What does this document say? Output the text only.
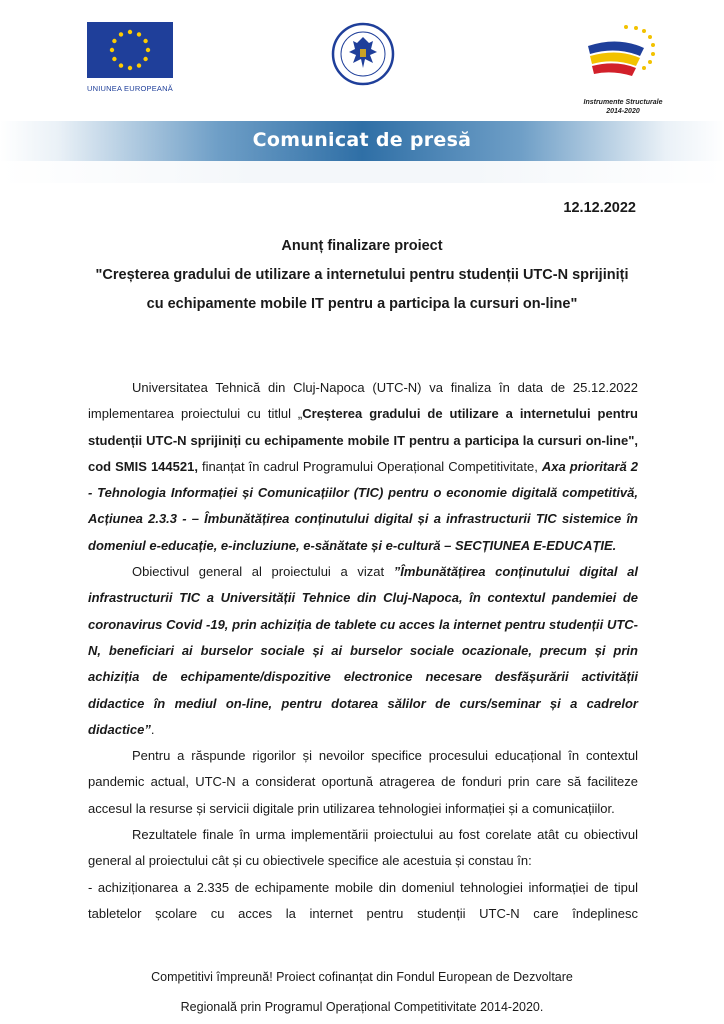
UNIUNEA EUROPEANĂ
Instrumente Structurale
2014-2020
Comunicat de presă
12.12.2022
Anunț finalizare proiect
"Creșterea gradului de utilizare a internetului pentru studenții UTC-N sprijiniți
cu echipamente mobile IT pentru a participa la cursuri on-line"

Universitatea Tehnică din Cluj-Napoca (UTC-N) va finaliza în data de 25.12.2022 implementarea proiectului cu titlul „Creșterea gradului de utilizare a internetului pentru studenții UTC-N sprijiniți cu echipamente mobile IT pentru a participa la cursuri on-line", cod SMIS 144521, finanțat în cadrul Programului Operațional Competitivitate, Axa prioritară 2 - Tehnologia Informației și Comunicațiilor (TIC) pentru o economie digitală competitivă, Acțiunea 2.3.3 - – Îmbunătățirea conținutului digital și a infrastructurii TIC sistemice în domeniul e-educație, e-incluziune, e-sănătate și e-cultură – SECȚIUNEA E-EDUCAȚIE.

Obiectivul general al proiectului a vizat ”Îmbunătățirea conținutului digital al infrastructurii TIC a Universității Tehnice din Cluj-Napoca, în contextul pandemiei de coronavirus Covid -19, prin achiziția de tablete cu acces la internet pentru studenții UTC-N, beneficiari ai burselor sociale și ai burselor sociale ocazionale, precum și prin achiziția de echipamente/dispozitive electronice necesare desfășurării activității didactice în mediul on-line, pentru dotarea sălilor de curs/seminar și a cadrelor didactice”.

Pentru a răspunde rigorilor și nevoilor specifice procesului educațional în contextul pandemic actual, UTC-N a considerat oportună atragerea de fonduri prin care să faciliteze accesul la resurse și servicii digitale prin utilizarea tehnologiei informației și a comunicațiilor.

Rezultatele finale în urma implementării proiectului au fost corelate atât cu obiectivul general al proiectului cât și cu obiectivele specifice ale acestuia și constau în:

- achiziționarea a 2.335 de echipamente mobile din domeniul tehnologiei informației de tipul tabletelor școlare cu acces la internet pentru studenții UTC-N care îndeplinesc

Competitivi împreună! Proiect cofinanțat din Fondul European de Dezvoltare
Regională prin Programul Operațional Competitivitate 2014-2020.
